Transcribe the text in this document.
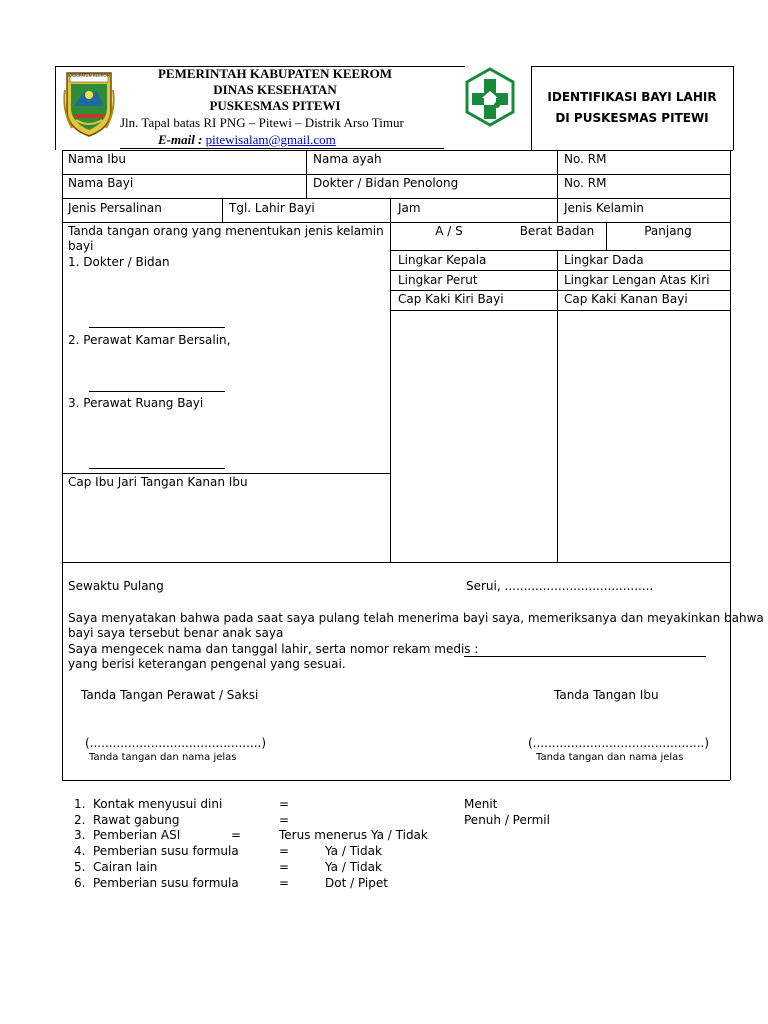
KABUPATEN KEEROM	PEMERINTAH KABUPATEN KEEROM
DINAS KESEHATAN
PUSKESMAS PITEWI
Jln. Tapal batas RI PNG – Pitewi – Distrik Arso Timur
E-mail : pitewisalam@gmail.com
IDENTIFIKASI BAYI LAHIR
DI PUSKESMAS PITEWI
Nama Ibu	Nama ayah	No. RM
Nama Bayi	Dokter / Bidan Penolong	No. RM
Jenis Persalinan	Tgl. Lahir Bayi	Jam	Jenis Kelamin
Tanda tangan orang yang menentukan jenis kelamin
bayi
1. Dokter / Bidan
2. Perawat Kamar Bersalin,
3. Perawat Ruang Bayi
Cap Ibu Jari Tangan Kanan Ibu
A / S	Berat Badan	Panjang
Lingkar Kepala	Lingkar Dada
Lingkar Perut	Lingkar Lengan Atas Kiri
Cap Kaki Kiri Bayi	Cap Kaki Kanan Bayi
Sewaktu Pulang	Serui, .......................................
Saya menyatakan bahwa pada saat saya pulang telah menerima bayi saya, memeriksanya dan meyakinkan bahwa
bayi saya tersebut benar anak saya
Saya mengecek nama dan tanggal lahir, serta nomor rekam medis :
yang berisi keterangan pengenal yang sesuai.
Tanda Tangan Perawat / Saksi	Tanda Tangan Ibu
(.............................................)	(.............................................)
Tanda tangan dan nama jelas	Tanda tangan dan nama jelas
1. Kontak menyusui dini	=	Menit
2. Rawat gabung	=	Penuh / Permil
3. Pemberian ASI	=	Terus menerus Ya / Tidak
4. Pemberian susu formula	=	Ya / Tidak
5. Cairan lain	=	Ya / Tidak
6. Pemberian susu formula	=	Dot / Pipet
